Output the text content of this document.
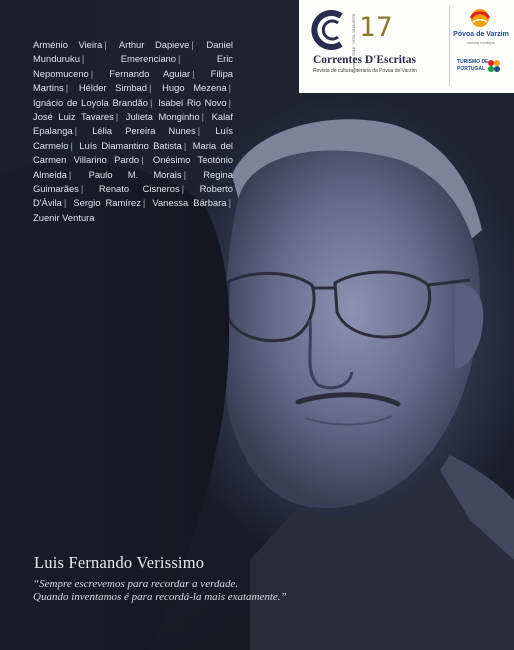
Arménio Vieira | Arthur Dapieve | Daniel Munduruku |	Emerenciano |	Eric Nepomuceno | Fernando Aguiar | Filipa Martins | Hélder Simbad | Hugo Mezena | Ignácio de Loyola Brandão | Isabel Rio Novo | José Luiz Tavares | Julieta Monginho | Kalaf Epalanga | Lélia Pereira Nunes | Luís Carmelo | Luís Diamantino Batista | Maria del Carmen Villarino Pardo | Onésimo Teotónio Almeida | Paulo M. Morais | Regina Guimarães | Renato Cisneros | Roberto D'Ávila | Sergio Ramírez | Vanessa Bárbara | Zuenir Ventura
fevereiro 2018 · ISSN 1645-6978 17
Correntes D'Escritas
Revista de cultura literária da Póvoa de Varzim
Póvoa de Varzim
câmara municipal
TURISMO DE
PORTUGAL
Luis Fernando Verissimo
“Sempre escrevemos para recordar a verdade.
Quando inventamos é para recordá-la mais exatamente.”
